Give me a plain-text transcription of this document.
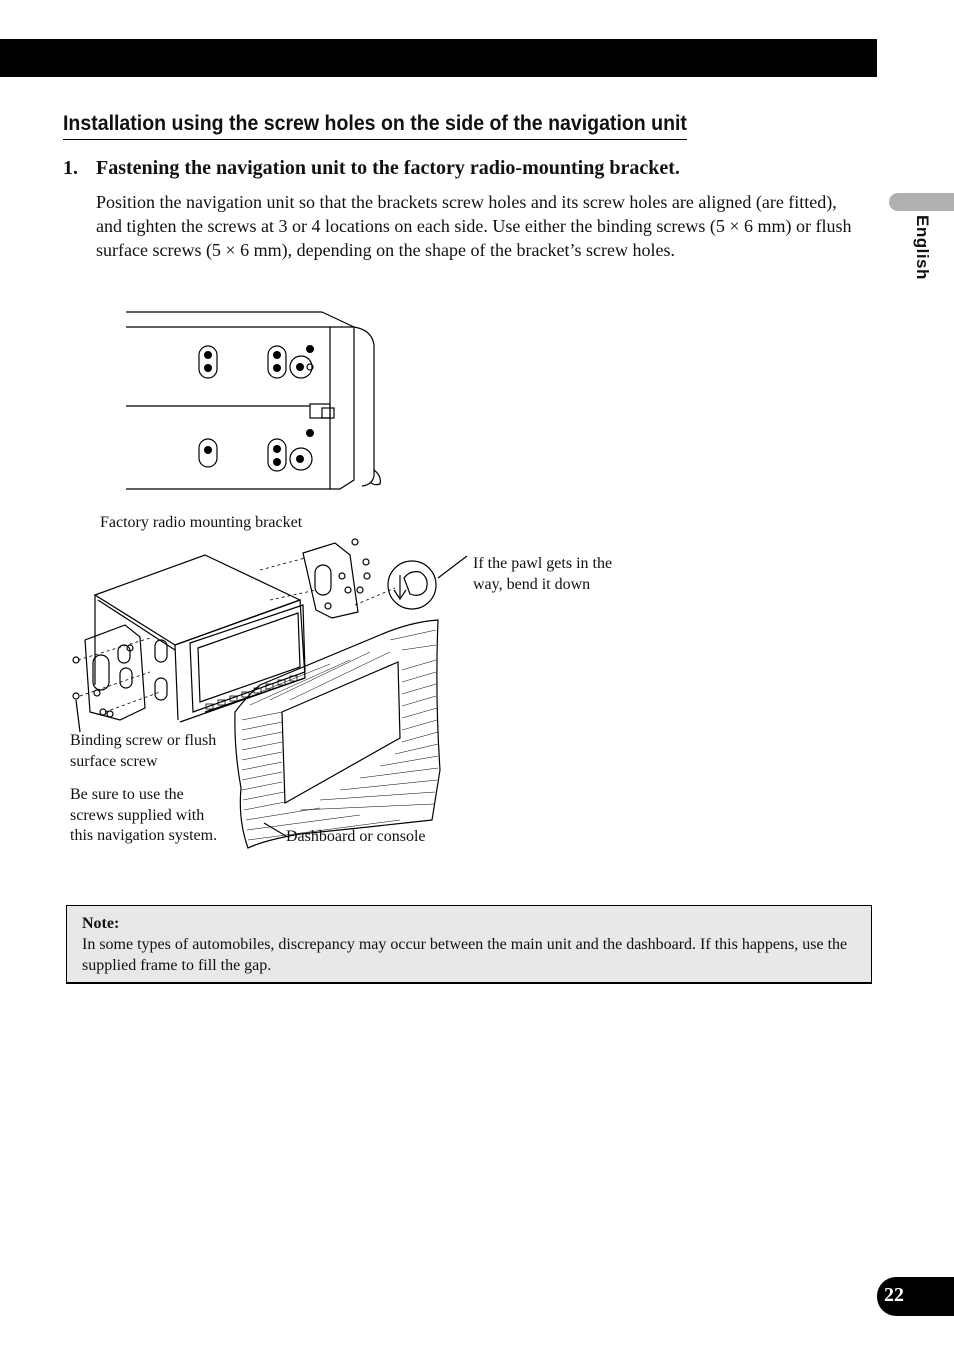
English
Installation using the screw holes on the side of the navigation unit
1. Fastening the navigation unit to the factory radio-mounting bracket.

Position the navigation unit so that the brackets screw holes and its screw holes are aligned (are fitted), and tighten the screws at 3 or 4 locations on each side. Use either the binding screws (5 × 6 mm) or flush surface screws (5 × 6 mm), depending on the shape of the bracket’s screw holes.

Factory radio mounting bracket

If the pawl gets in the way, bend it down

Binding screw or flush surface screw

Be sure to use the screws supplied with this navigation system.	Dashboard or console

Note:

In some types of automobiles, discrepancy may occur between the main unit and the dashboard. If this happens, use the supplied frame to fill the gap.

22
